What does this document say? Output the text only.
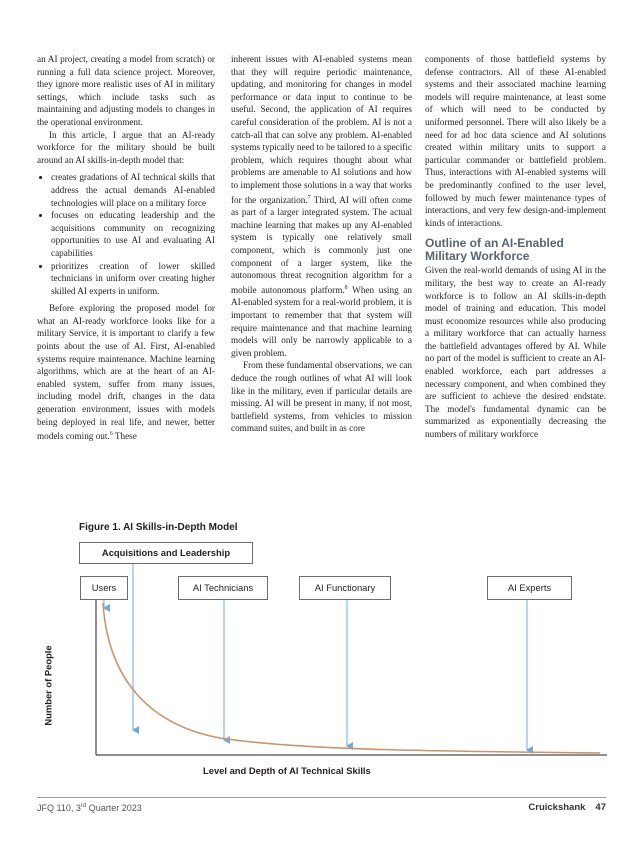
an AI project, creating a model from scratch) or running a full data science project. Moreover, they ignore more realistic uses of AI in military settings, which include tasks such as maintaining and adjusting models to changes in the operational environment.

In this article, I argue that an AI-ready workforce for the military should be built around an AI skills-in-depth model that:

• creates gradations of AI technical skills that address the actual demands AI-enabled technologies will place on a military force
• focuses on educating leadership and the acquisitions community on recognizing opportunities to use AI and evaluating AI capabilities
• prioritizes creation of lower skilled technicians in uniform over creating higher skilled AI experts in uniform.

Before exploring the proposed model for what an AI-ready workforce looks like for a military Service, it is important to clarify a few points about the use of AI. First, AI-enabled systems require maintenance. Machine learning algorithms, which are at the heart of an AI-enabled system, suffer from many issues, including model drift, changes in the data generation environment, issues with models being deployed in real life, and newer, better models coming out.$^6$ These

inherent issues with AI-enabled systems mean that they will require periodic maintenance, updating, and monitoring for changes in model performance or data input to continue to be useful. Second, the application of AI requires careful consideration of the problem. AI is not a catch-all that can solve any problem. AI-enabled systems typically need to be tailored to a specific problem, which requires thought about what problems are amenable to AI solutions and how to implement those solutions in a way that works for the organization.$^7$ Third, AI will often come as part of a larger integrated system. The actual machine learning that makes up any AI-enabled system is typically one relatively small component, which is commonly just one component of a larger system, like the autonomous threat recognition algorithm for a mobile autonomous platform.$^8$ When using an AI-enabled system for a real-world problem, it is important to remember that that system will require maintenance and that machine learning models will only be narrowly applicable to a given problem.

From these fundamental observations, we can deduce the rough outlines of what AI will look like in the military, even if particular details are missing. AI will be present in many, if not most, battlefield systems, from vehicles to mission command suites, and built in as core

components of those battlefield systems by defense contractors. All of these AI-enabled systems and their associated machine learning models will require maintenance, at least some of which will need to be conducted by uniformed personnel. There will also likely be a need for ad hoc data science and AI solutions created within military units to support a particular commander or battlefield problem. Thus, interactions with AI-enabled systems will be predominantly confined to the user level, followed by much fewer maintenance types of interactions, and very few design-and-implement kinds of interactions.

Outline of an AI-Enabled Military Workforce

Given the real-world demands of using AI in the military, the best way to create an AI-ready workforce is to follow an AI skills-in-depth model of training and education. This model must economize resources while also producing a military workforce that can actually harness the battlefield advantages offered by AI. While no part of the model is sufficient to create an AI-enabled workforce, each part addresses a necessary component, and when combined they are sufficient to achieve the desired endstate. The model's fundamental dynamic can be summarized as exponentially decreasing the numbers of military workforce

Figure 1. AI Skills-in-Depth Model
Acquisitions and Leadership
Users	AI Technicians	AI Functionary	AI Experts
Number of People
Level and Depth of AI Technical Skills
JFQ 110, 3rd Quarter 2023	Cruickshank 47
